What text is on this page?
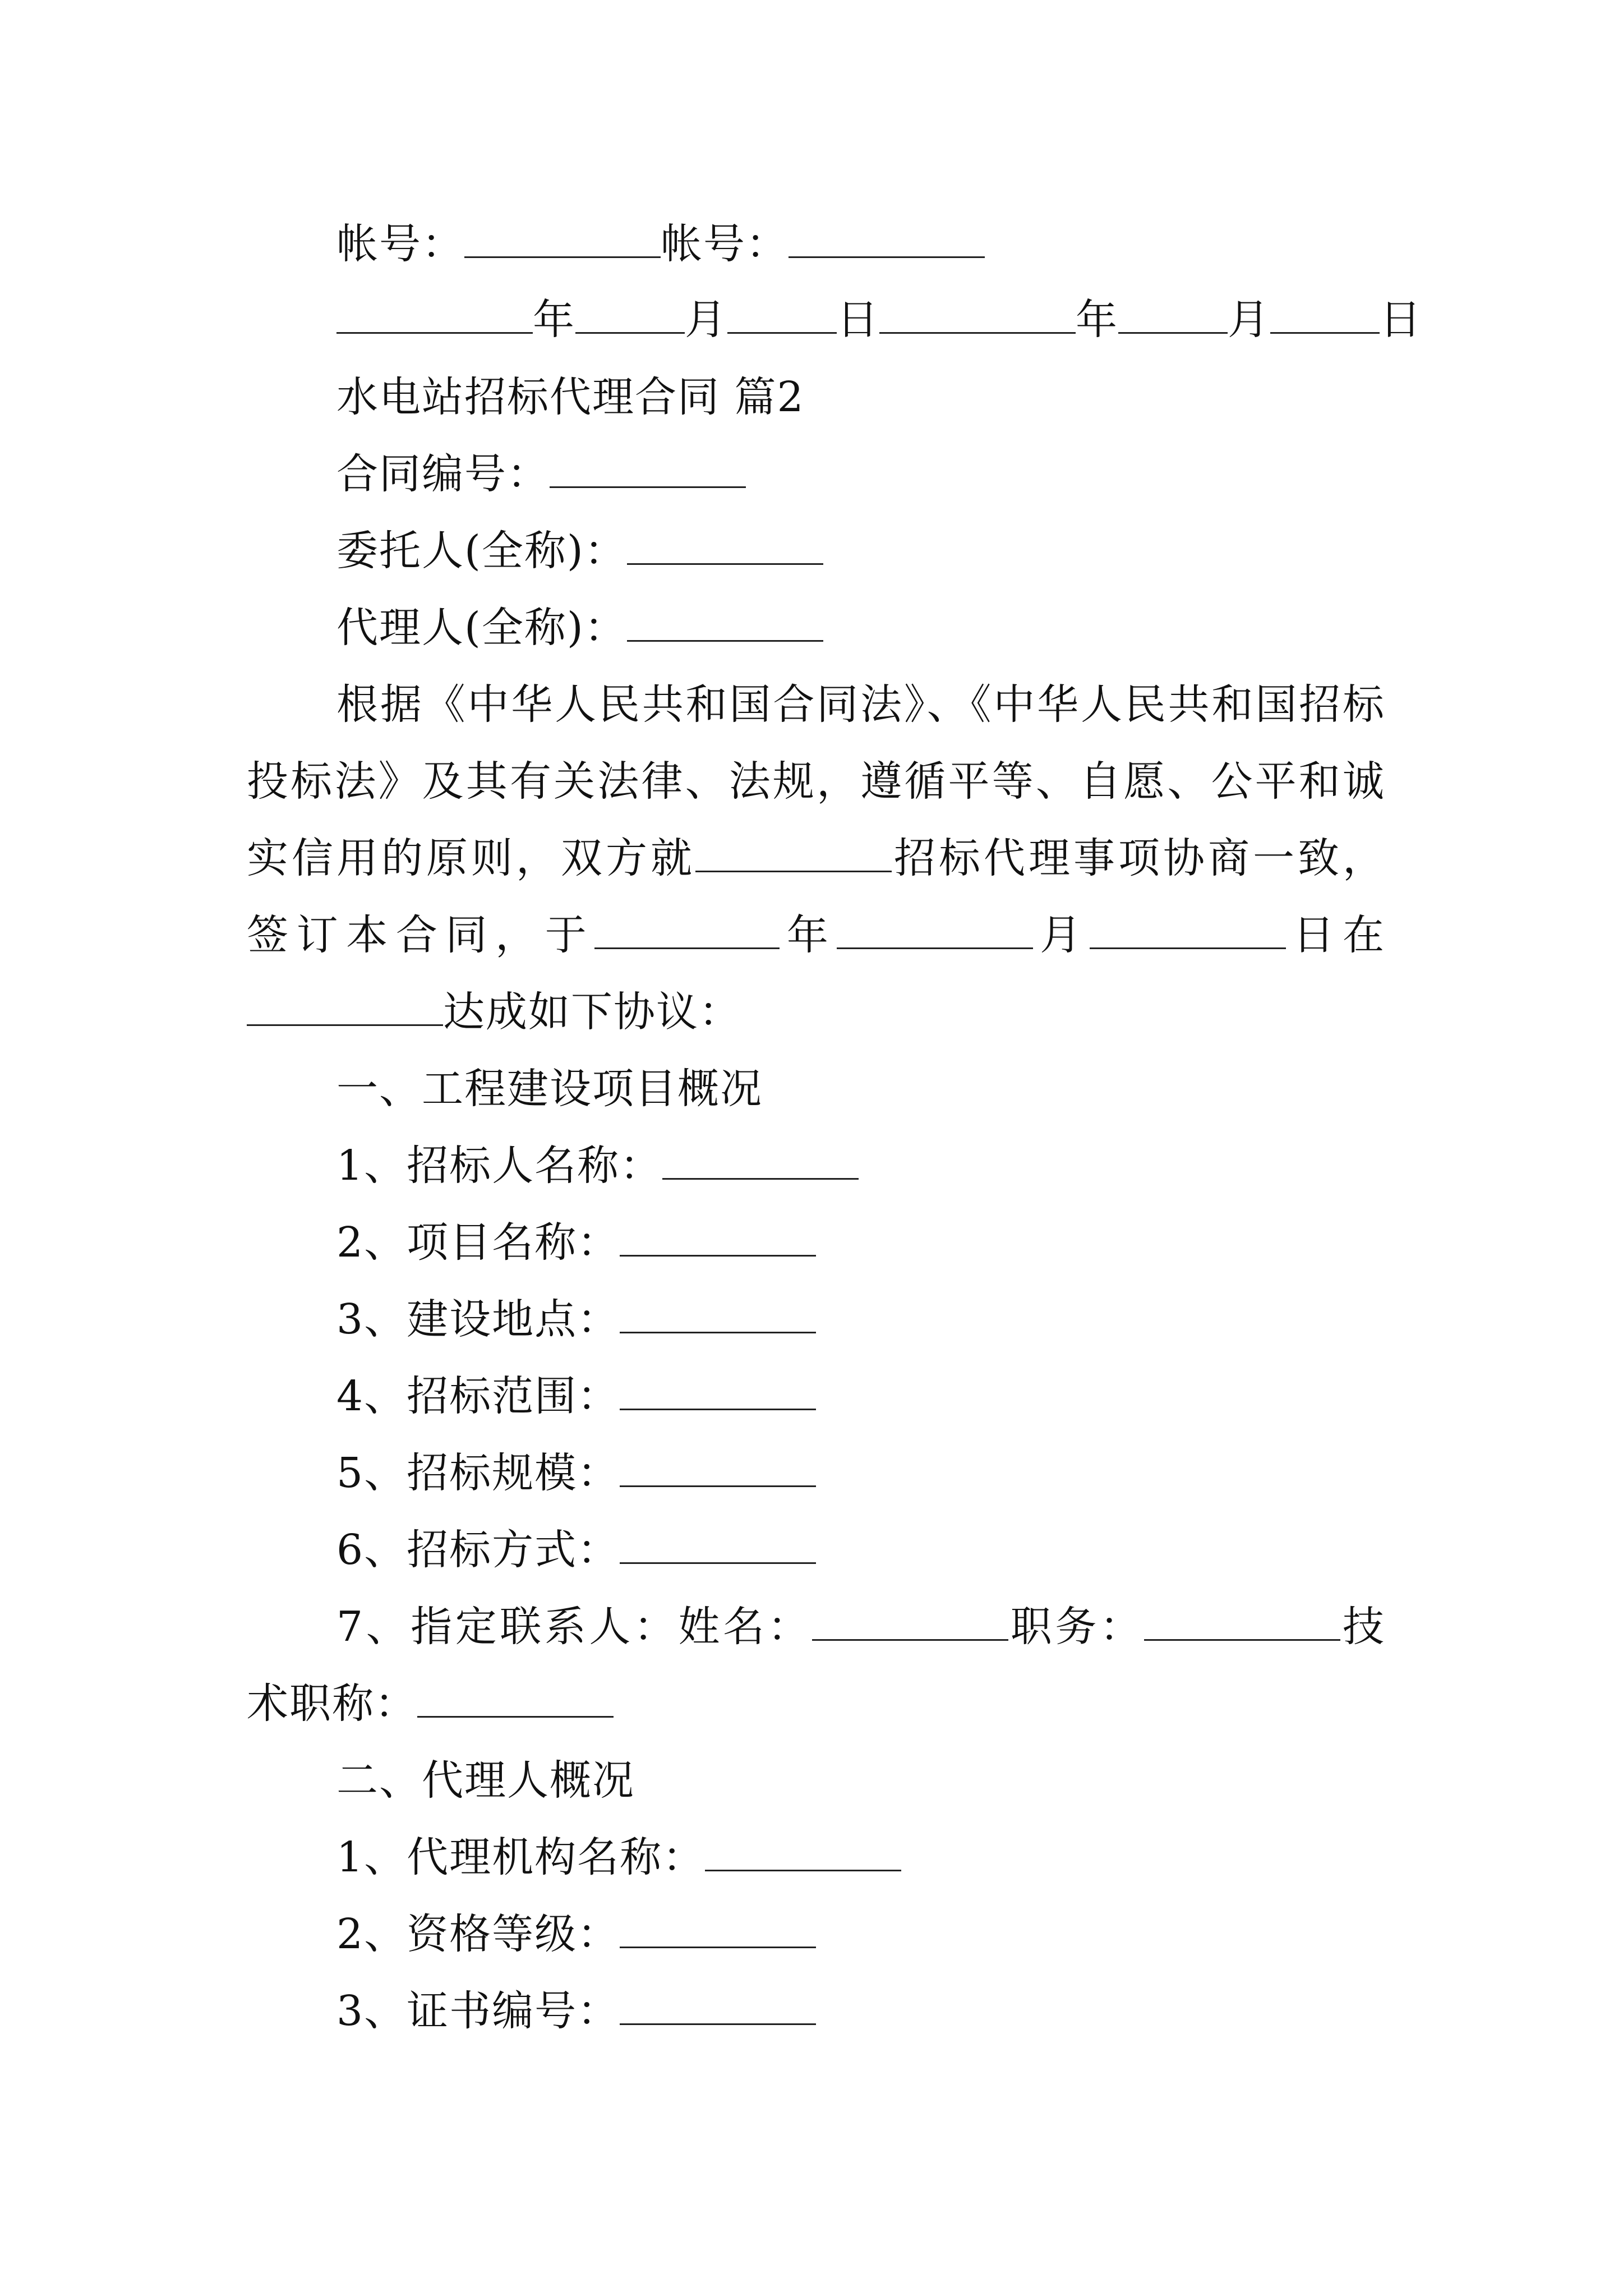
帐号：	帐号：
年	月	日	年	月	日
水电站招标代理合同 篇2
合同编号：
委托人(全称)：
代理人(全称)：
根据《中华人民共和国合同法》、《中华人民共和国招标
投标法》及其有关法律、法规，遵循平等、自愿、公平和诚
实信用的原则，双方就	招标代理事项协商一致，
签订本合同，于	年	月	日在
达成如下协议：
一、工程建设项目概况
1、招标人名称：
2、项目名称：
3、建设地点：
4、招标范围：
5、招标规模：
6、招标方式：
7、指定联系人：姓名：	职务：	技
术职称：
二、代理人概况
1、代理机构名称：
2、资格等级：
3、证书编号：
